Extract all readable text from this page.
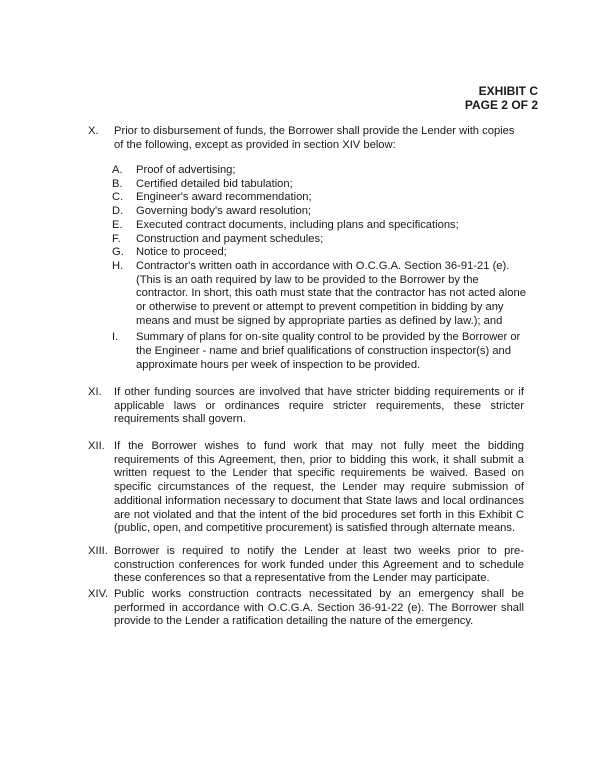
EXHIBIT C
PAGE 2 OF 2
X. Prior to disbursement of funds, the Borrower shall provide the Lender with copies of the following, except as provided in section XIV below:
A. Proof of advertising;
B. Certified detailed bid tabulation;
C. Engineer's award recommendation;
D. Governing body's award resolution;
E. Executed contract documents, including plans and specifications;
F. Construction and payment schedules;
G. Notice to proceed;
H. Contractor's written oath in accordance with O.C.G.A. Section 36-91-21 (e). (This is an oath required by law to be provided to the Borrower by the contractor. In short, this oath must state that the contractor has not acted alone or otherwise to prevent or attempt to prevent competition in bidding by any means and must be signed by appropriate parties as defined by law.); and
I. Summary of plans for on-site quality control to be provided by the Borrower or the Engineer - name and brief qualifications of construction inspector(s) and approximate hours per week of inspection to be provided.
XI. If other funding sources are involved that have stricter bidding requirements or if applicable laws or ordinances require stricter requirements, these stricter requirements shall govern.
XII. If the Borrower wishes to fund work that may not fully meet the bidding requirements of this Agreement, then, prior to bidding this work, it shall submit a written request to the Lender that specific requirements be waived. Based on specific circumstances of the request, the Lender may require submission of additional information necessary to document that State laws and local ordinances are not violated and that the intent of the bid procedures set forth in this Exhibit C (public, open, and competitive procurement) is satisfied through alternate means.
XIII. Borrower is required to notify the Lender at least two weeks prior to pre-construction conferences for work funded under this Agreement and to schedule these conferences so that a representative from the Lender may participate.
XIV. Public works construction contracts necessitated by an emergency shall be performed in accordance with O.C.G.A. Section 36-91-22 (e). The Borrower shall provide to the Lender a ratification detailing the nature of the emergency.
